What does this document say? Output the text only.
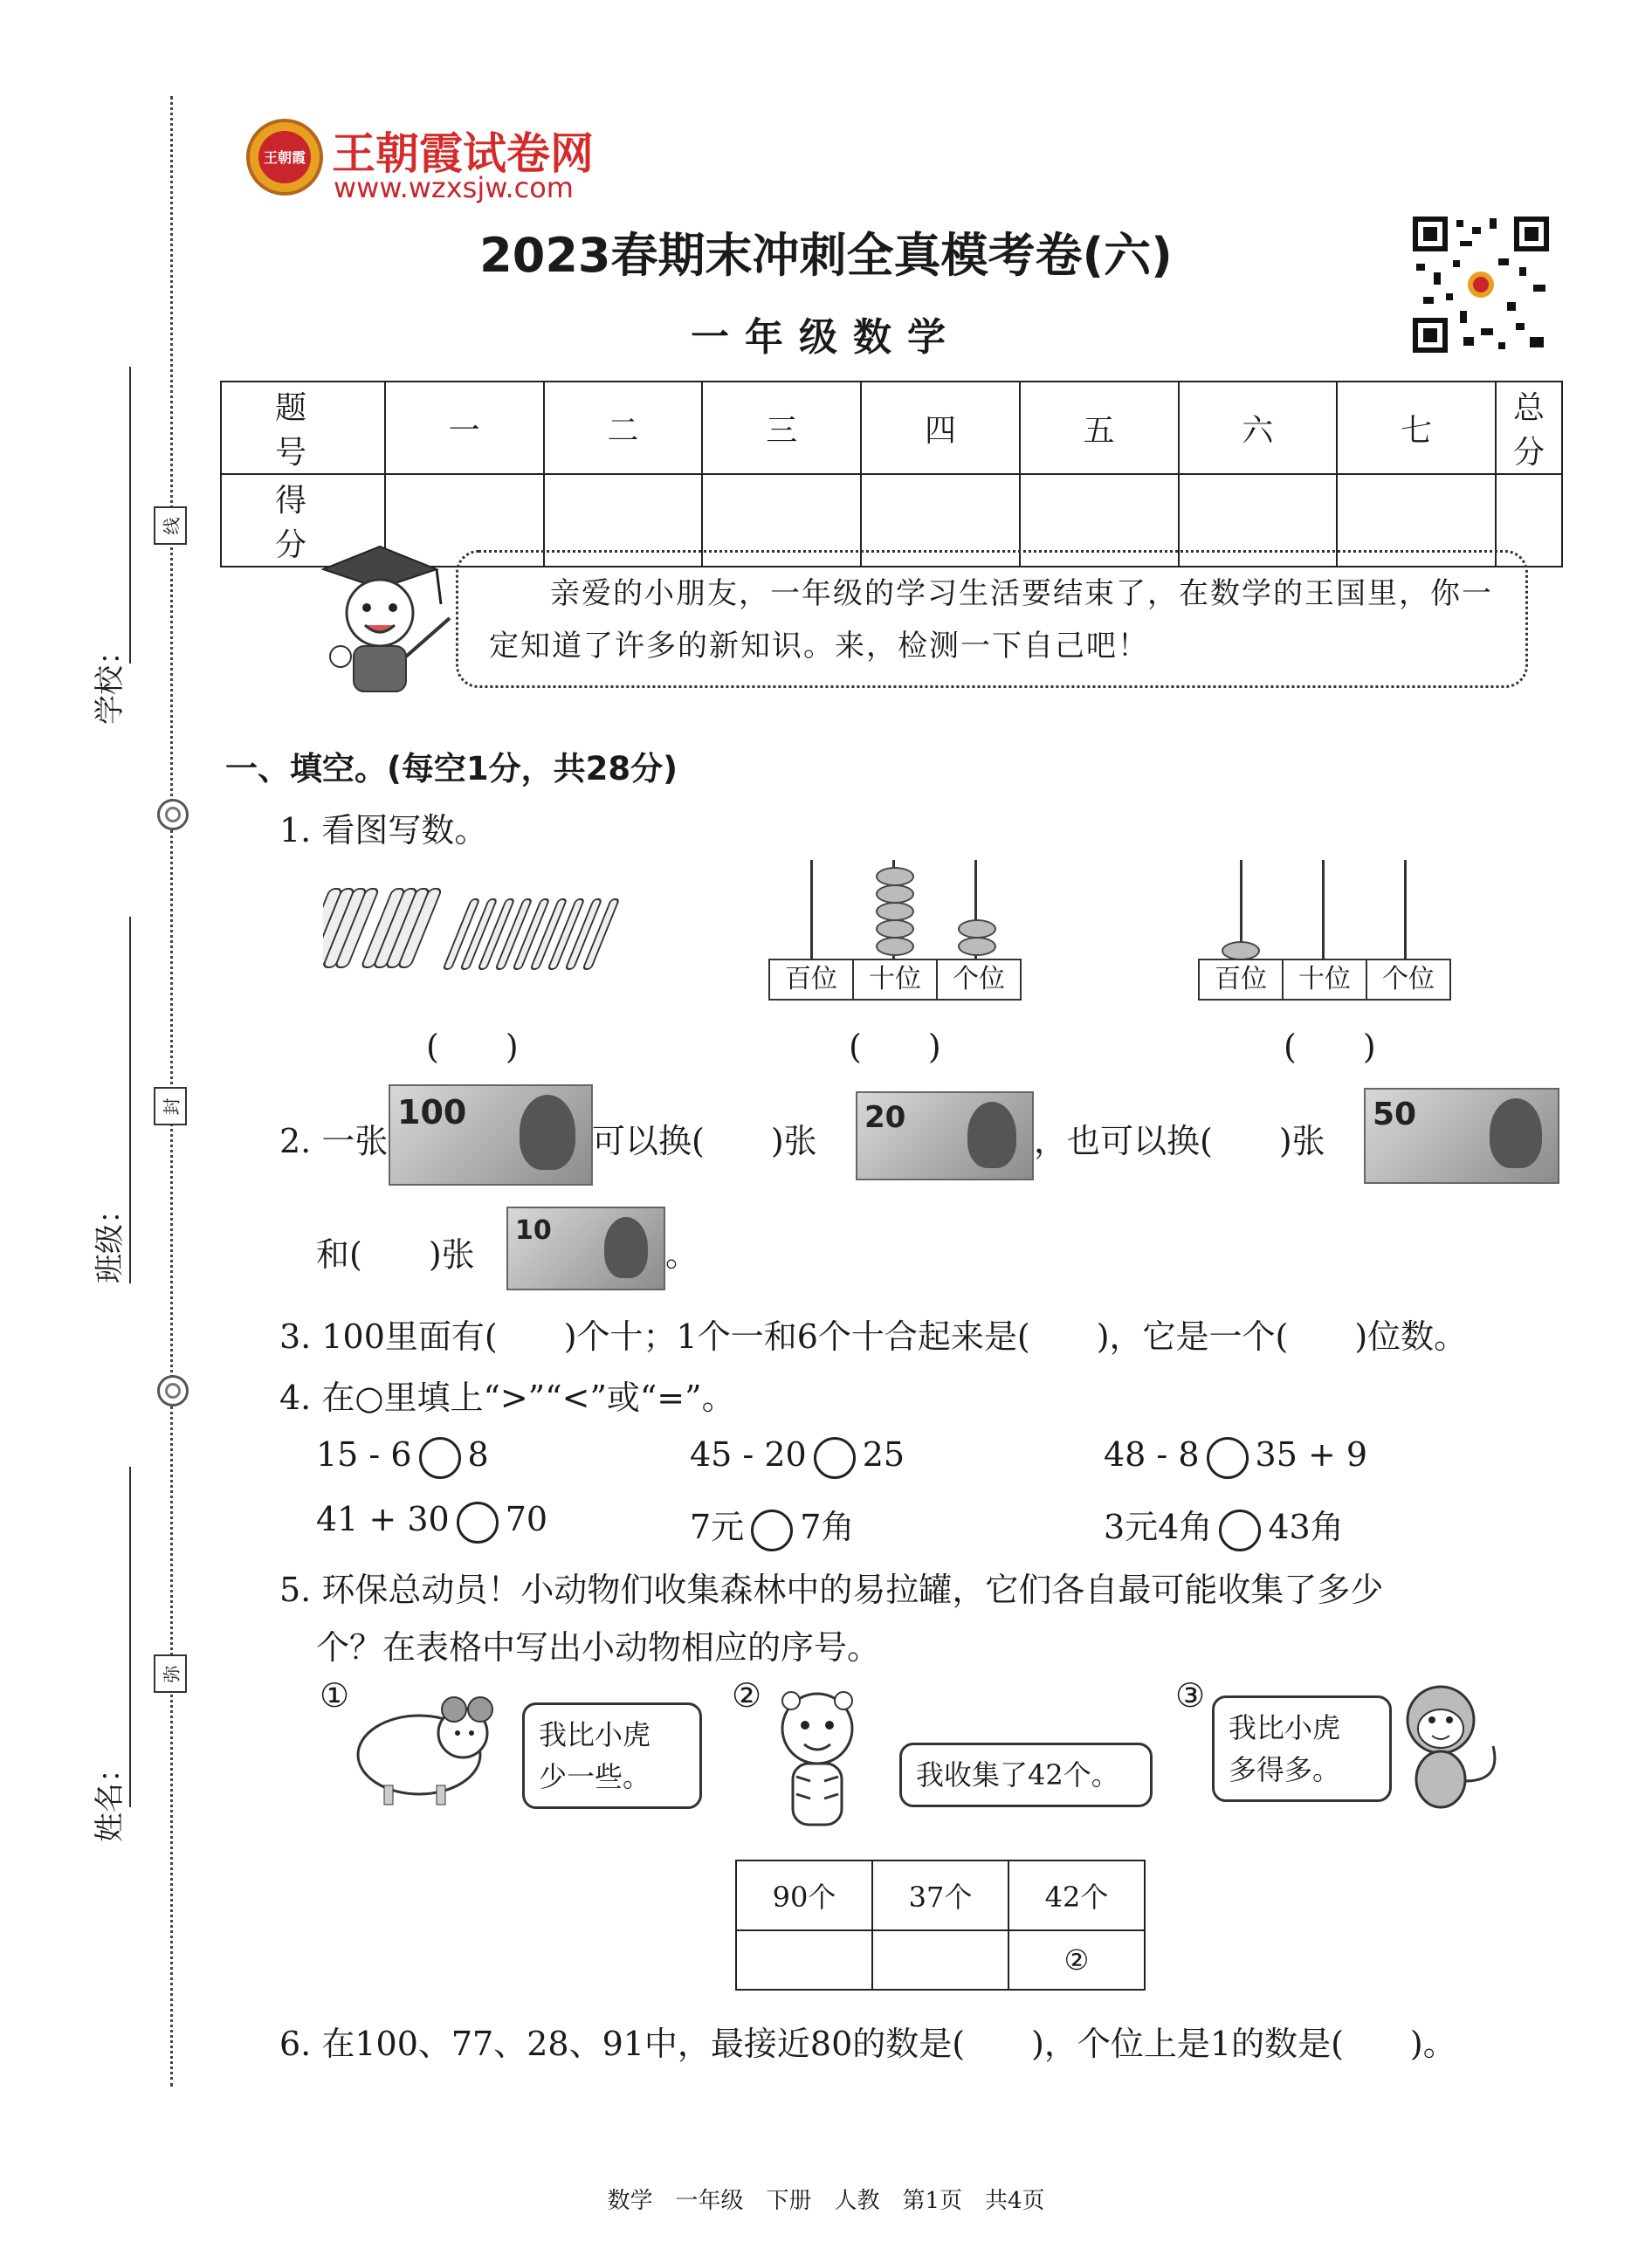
学校：
班级：
姓名：
线
封
弥
王朝霞 王朝霞试卷网
www.wzxsjw.com
2023春期末冲刺全真模考卷(六)
一年级数学
题　号	一	二	三	四	五	六	七	总　分
得　分								
亲爱的小朋友，一年级的学习生活要结束了，在数学的王国里，你一定知道了许多的新知识。来，检测一下自己吧！
一、填空。(每空1分，共28分)
1. 看图写数。
百位	十位	个位	百位	十位	个位
(　　)	(　　)	(　　)
2. 一张
100
可以换(　　)张
20
，也可以换(　　)张
50
和(　　)张
10
。
3. 100里面有(　　)个十；1个一和6个十合起来是(　　)，它是一个(　　)位数。
4. 在○里填上“>”“<”或“=”。
15 - 6 8	45 - 20 25	48 - 8 35 + 9
41 + 30 70	7元 7角	3元4角 43角
5. 环保总动员！小动物们收集森林中的易拉罐，它们各自最可能收集了多少
个？在表格中写出小动物相应的序号。
①
我比小虎
少一些。
②
我收集了42个。
③
我比小虎
多得多。
90个	37个	42个
		②
6. 在100、77、28、91中，最接近80的数是(　　)，个位上是1的数是(　　)。
数学　一年级　下册　人教　第1页　共4页
